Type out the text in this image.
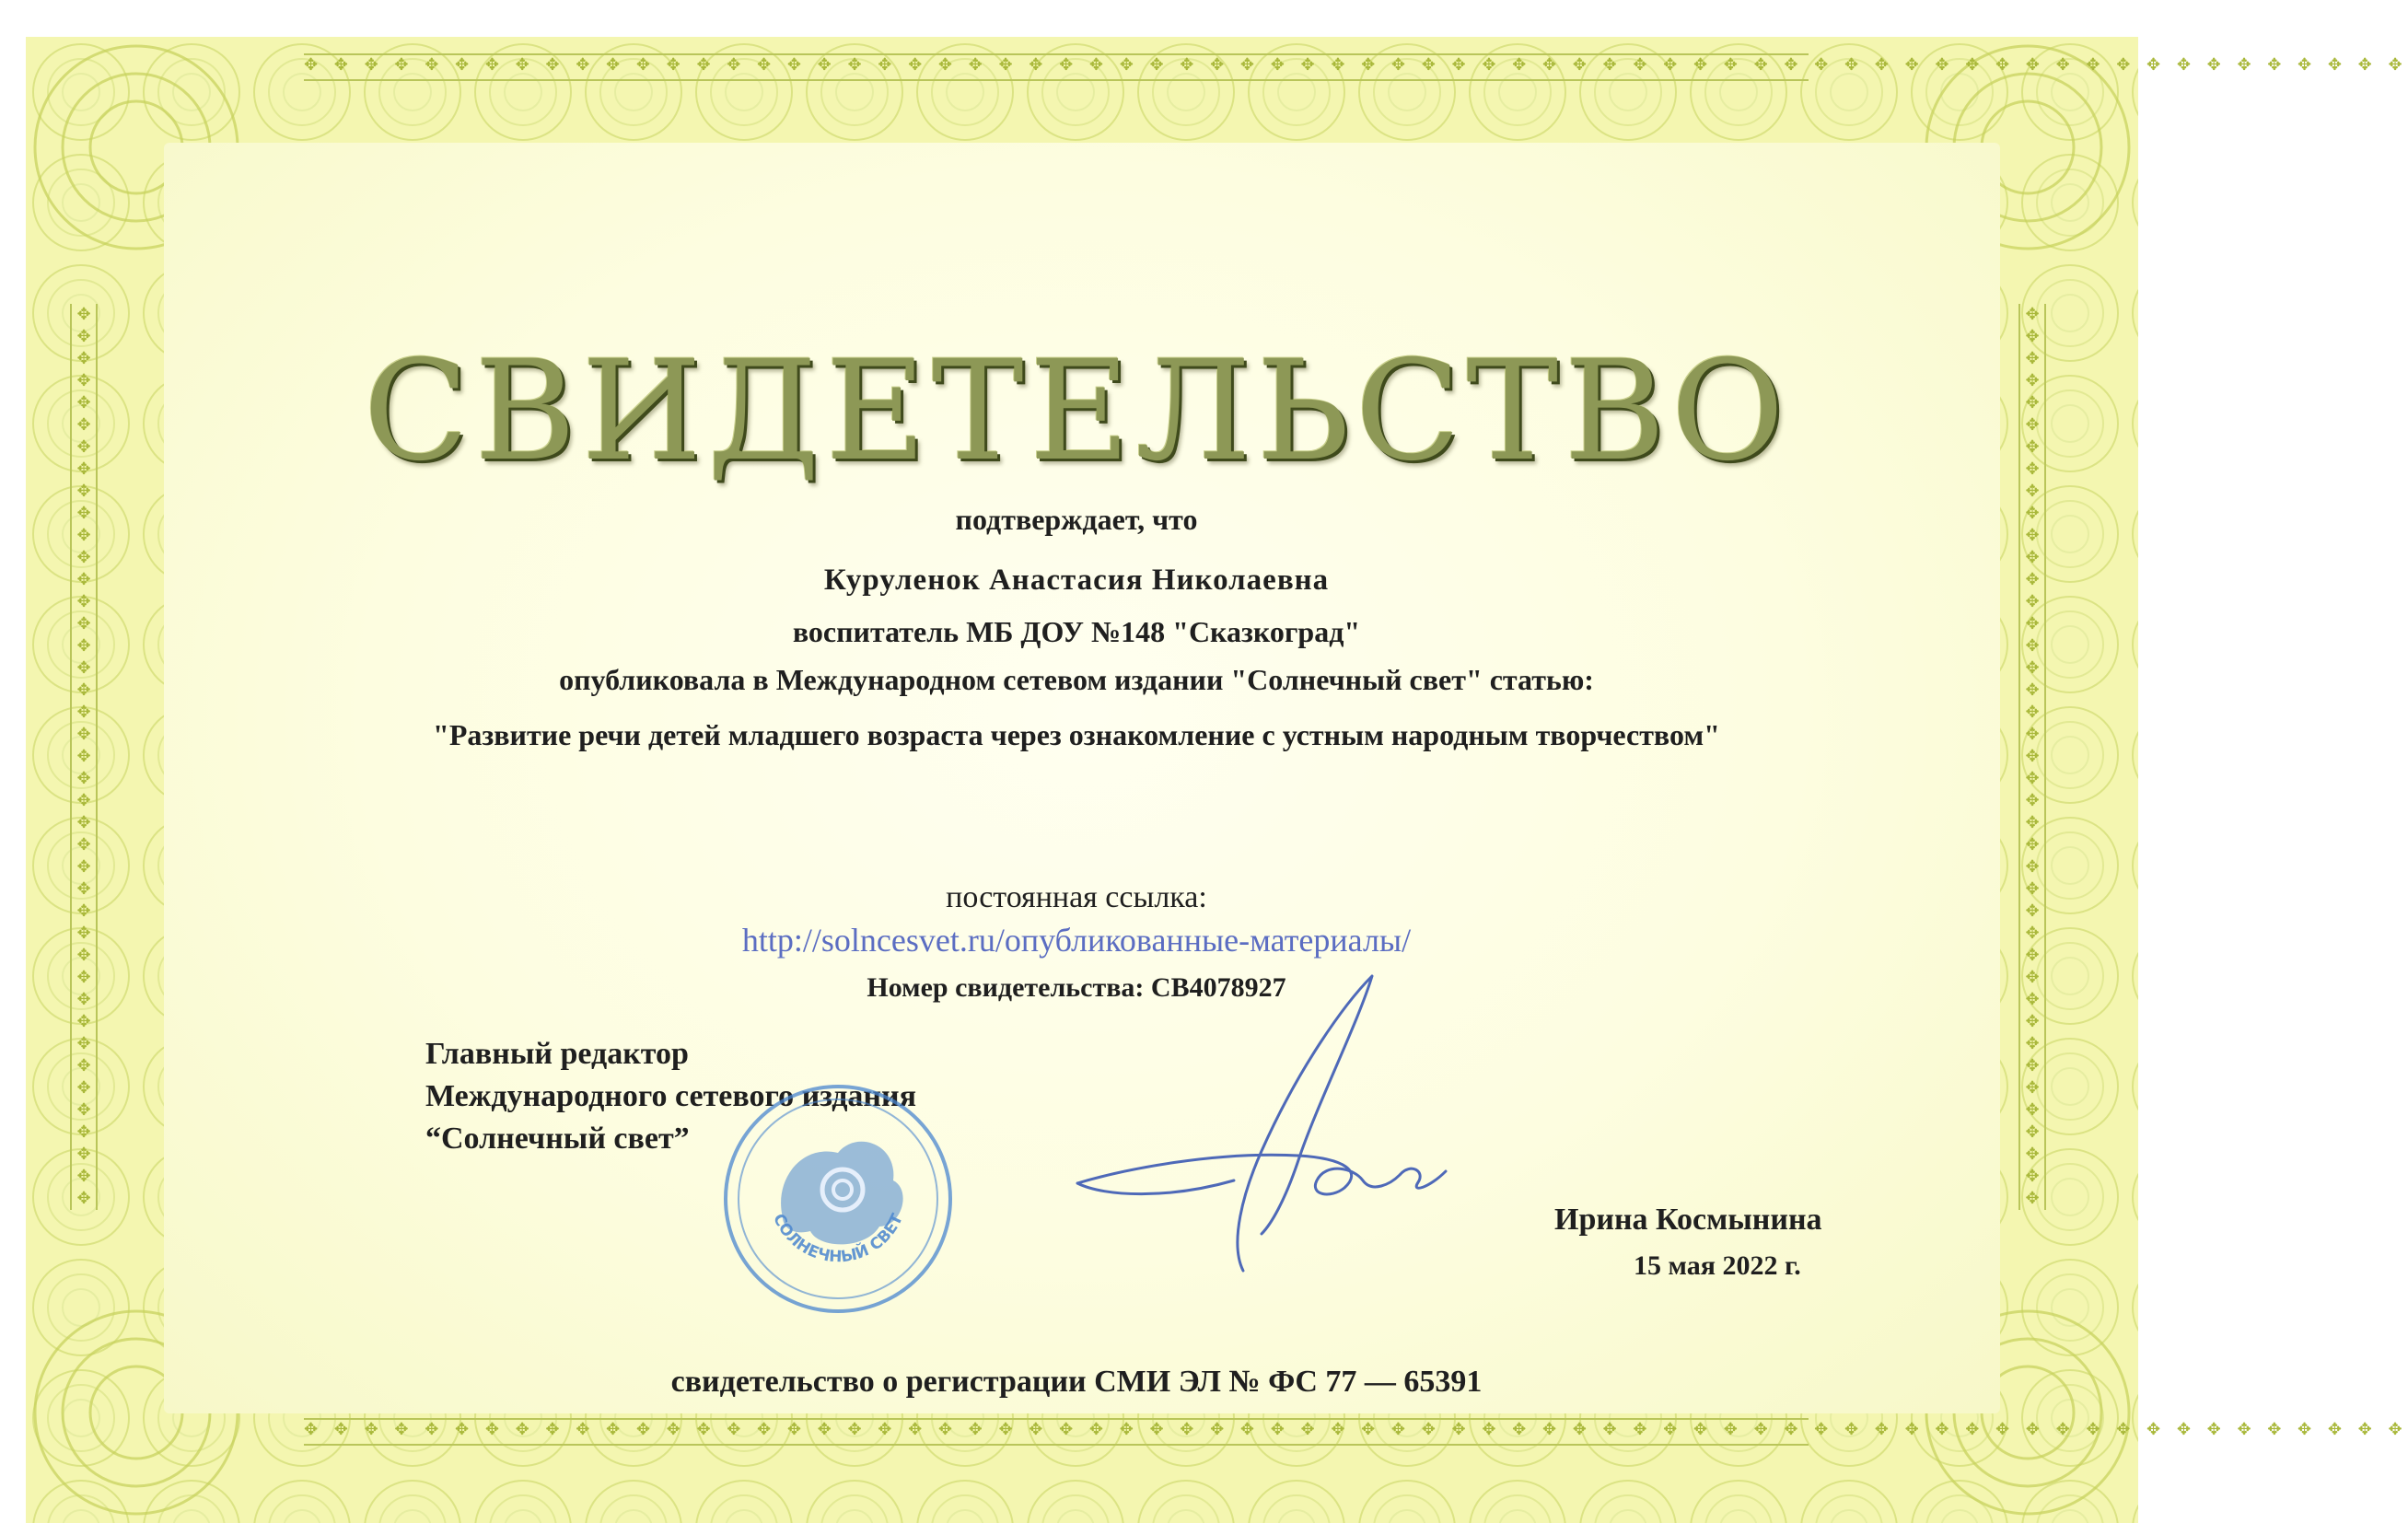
✥ ✥ ✥ ✥ ✥ ✥ ✥ ✥ ✥ ✥ ✥ ✥ ✥ ✥ ✥ ✥ ✥ ✥ ✥ ✥ ✥ ✥ ✥ ✥ ✥ ✥ ✥ ✥ ✥ ✥ ✥ ✥ ✥ ✥ ✥ ✥ ✥ ✥ ✥ ✥ ✥ ✥ ✥ ✥ ✥ ✥ ✥ ✥ ✥ ✥ ✥ ✥ ✥ ✥ ✥ ✥ ✥ ✥ ✥ ✥ ✥ ✥ ✥ ✥ ✥ ✥ ✥ ✥ ✥ ✥
✥ ✥ ✥ ✥ ✥ ✥ ✥ ✥ ✥ ✥ ✥ ✥ ✥ ✥ ✥ ✥ ✥ ✥ ✥ ✥ ✥ ✥ ✥ ✥ ✥ ✥ ✥ ✥ ✥ ✥ ✥ ✥ ✥ ✥ ✥ ✥ ✥ ✥ ✥ ✥ ✥ ✥ ✥ ✥ ✥ ✥ ✥ ✥ ✥ ✥ ✥ ✥ ✥ ✥ ✥ ✥ ✥ ✥ ✥ ✥ ✥ ✥ ✥ ✥ ✥ ✥ ✥ ✥ ✥ ✥
✥✥✥✥✥✥✥✥✥✥✥✥✥✥✥✥✥✥✥✥✥✥✥✥✥✥✥✥✥✥✥✥✥✥✥✥✥✥✥✥✥
✥✥✥✥✥✥✥✥✥✥✥✥✥✥✥✥✥✥✥✥✥✥✥✥✥✥✥✥✥✥✥✥✥✥✥✥✥✥✥✥✥
СВИДЕТЕЛЬСТВО

подтверждает, что

Куруленок Анастасия Николаевна

воспитатель МБ ДОУ №148 "Сказкоград"

опубликовала в Международном сетевом издании "Солнечный свет" статью:

"Развитие речи детей младшего возраста через ознакомление с устным народным творчеством"

постоянная ссылка:

http://solncesvet.ru/опубликованные-материалы/

Номер свидетельства: СВ4078927

Главный редактор
Международного сетевого издания
“Солнечный свет”
СОЛНЕЧНЫЙ СВЕТ	Ирина Космынина

15 мая 2022 г.

свидетельство о регистрации СМИ ЭЛ № ФС 77 — 65391
